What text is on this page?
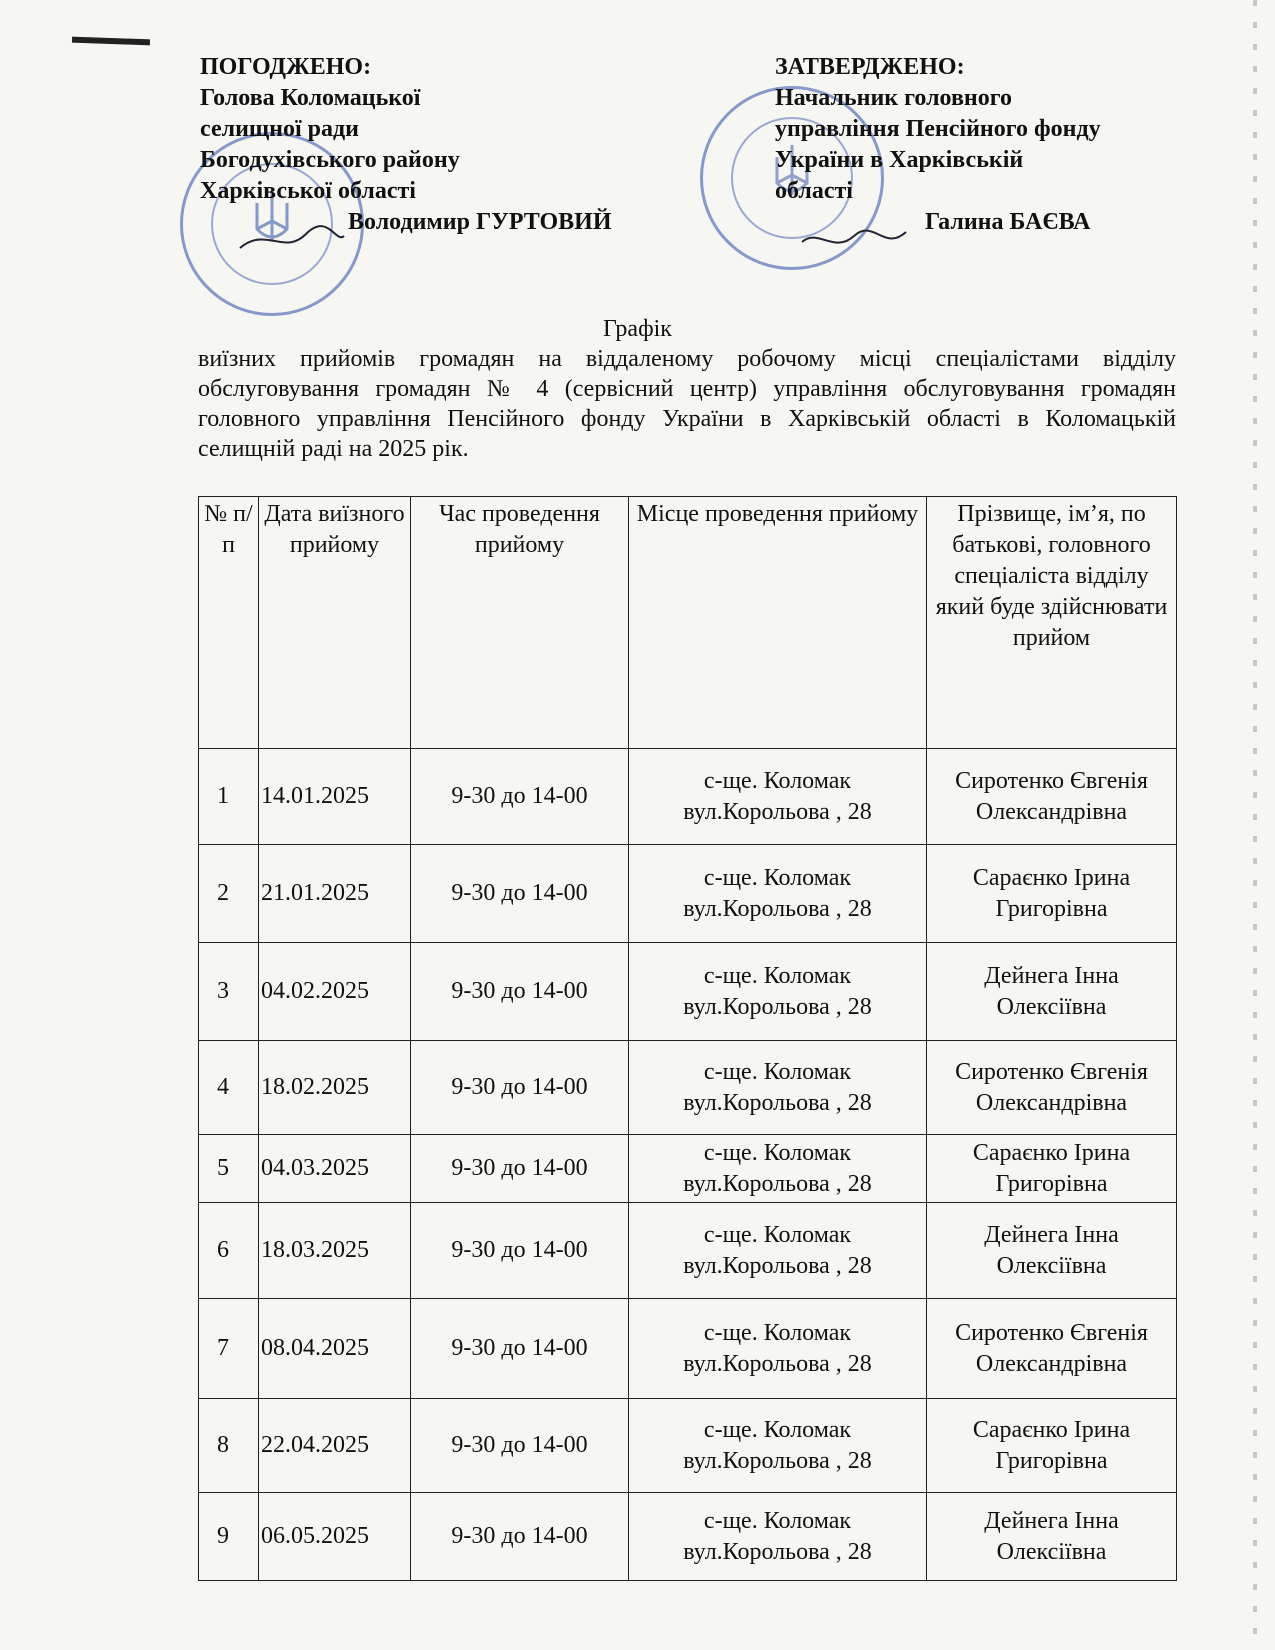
ПОГОДЖЕНО:
Голова Коломацької
селищної ради
Богодухівського району
Харківської області
Володимир ГУРТОВИЙ
ЗАТВЕРДЖЕНО:
Начальник головного
управління Пенсійного фонду
України в Харківській
області
Галина БАЄВА
Графік
виїзних прийомів громадян на віддаленому робочому місці спеціалістами відділу обслуговування громадян № 4 (сервісний центр) управління обслуговування громадян головного управління Пенсійного фонду України в Харківській області в Коломацькій селищній раді на 2025 рік.
№ п/п	Дата виїзного прийому	Час проведення прийому	Місце проведення прийому	Прізвище, ім’я, по батькові, головного спеціаліста відділу який буде здійснювати прийом
1	14.01.2025	9-30 до 14-00	с-ще. Коломак вул.Корольова , 28	Сиротенко Євгенія Олександрівна
2	21.01.2025	9-30 до 14-00	с-ще. Коломак вул.Корольова , 28	Сараєнко Ірина Григорівна
3	04.02.2025	9-30 до 14-00	с-ще. Коломак вул.Корольова , 28	Дейнега Інна Олексіївна
4	18.02.2025	9-30 до 14-00	с-ще. Коломак вул.Корольова , 28	Сиротенко Євгенія Олександрівна
5	04.03.2025	9-30 до 14-00	с-ще. Коломак вул.Корольова , 28	Сараєнко Ірина Григорівна
6	18.03.2025	9-30 до 14-00	с-ще. Коломак вул.Корольова , 28	Дейнега Інна Олексіївна
7	08.04.2025	9-30 до 14-00	с-ще. Коломак вул.Корольова , 28	Сиротенко Євгенія Олександрівна
8	22.04.2025	9-30 до 14-00	с-ще. Коломак вул.Корольова , 28	Сараєнко Ірина Григорівна
9	06.05.2025	9-30 до 14-00	с-ще. Коломак вул.Корольова , 28	Дейнега Інна Олексіївна
